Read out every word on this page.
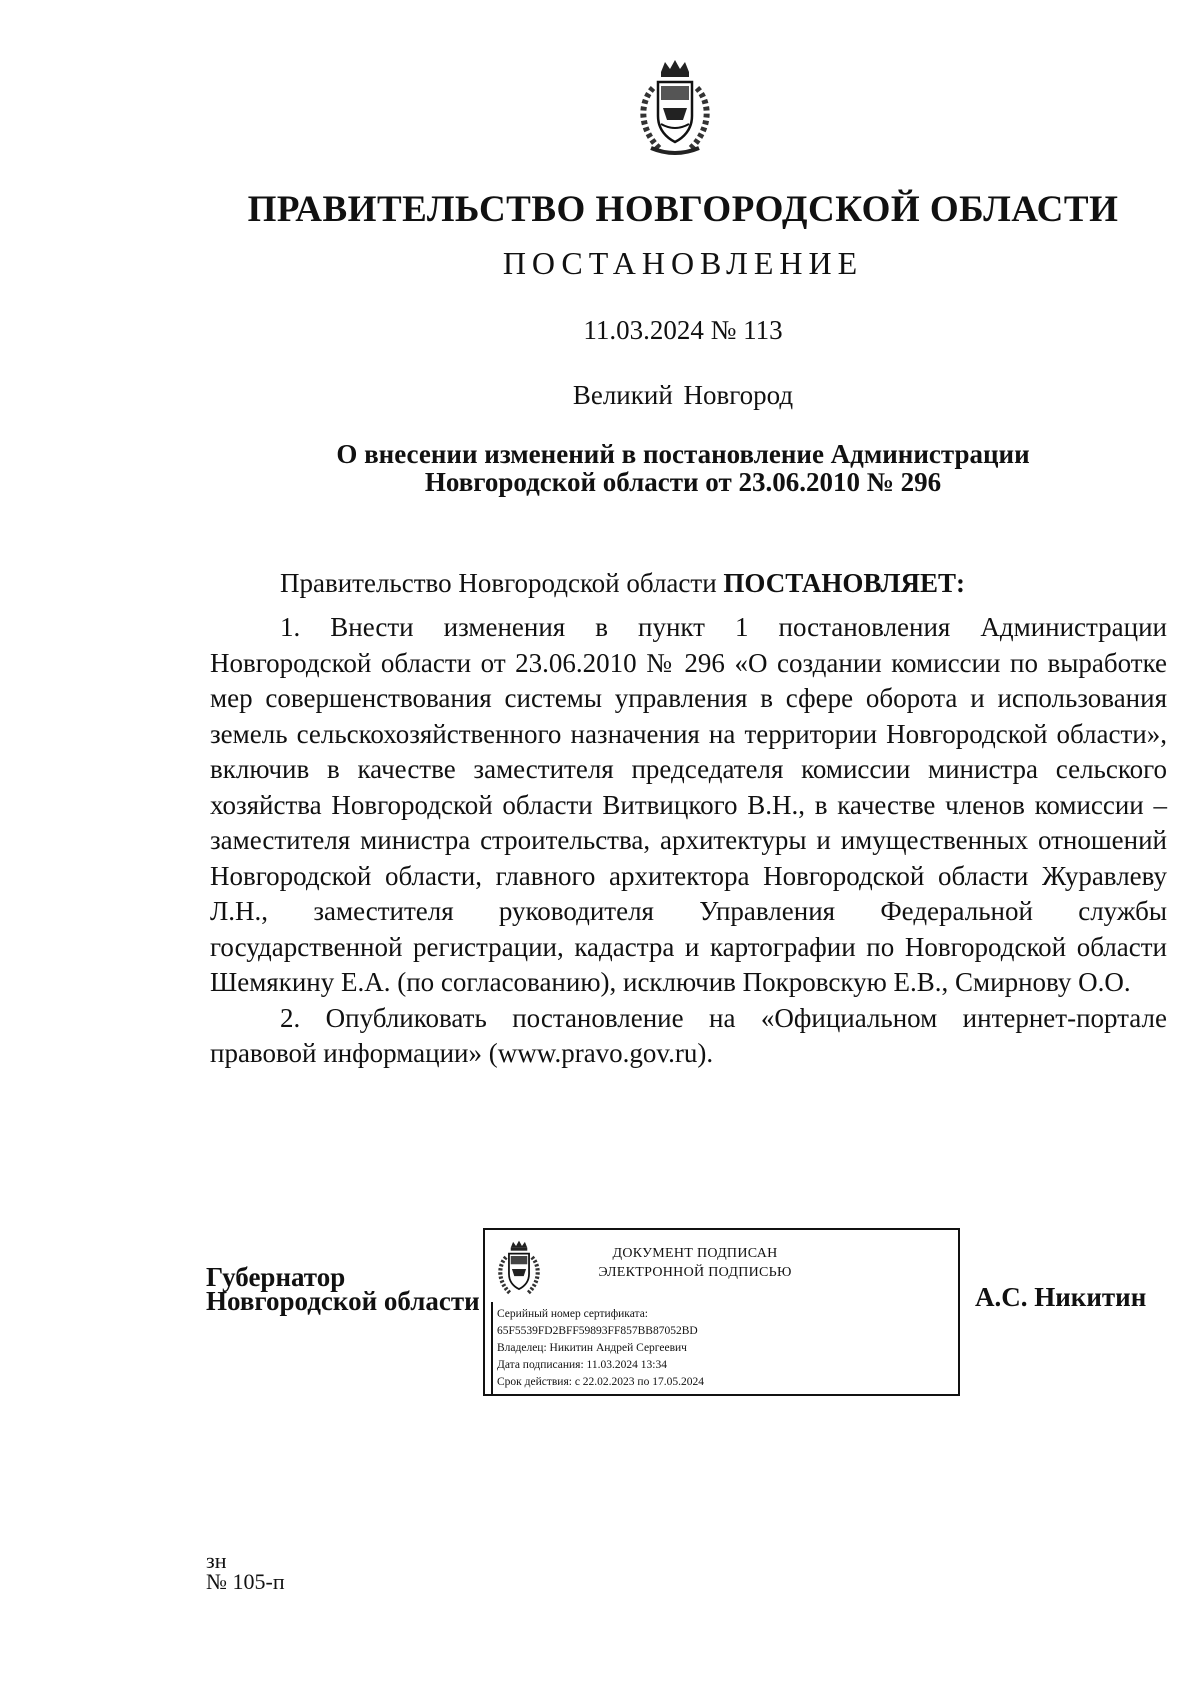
ПРАВИТЕЛЬСТВО НОВГОРОДСКОЙ ОБЛАСТИ
ПОСТАНОВЛЕНИЕ
11.03.2024 № 113
Великий Новгород
О внесении изменений в постановление Администрации
Новгородской области от 23.06.2010 № 296
Правительство Новгородской области ПОСТАНОВЛЯЕТ:

1. Внести изменения в пункт 1 постановления Администрации Новгородской области от 23.06.2010 № 296 «О создании комиссии по выработке мер совершенствования системы управления в сфере оборота и использования земель сельскохозяйственного назначения на территории Новгородской области», включив в качестве заместителя председателя комиссии министра сельского хозяйства Новгородской области Витвицкого В.Н., в качестве членов комиссии – заместителя министра строительства, архитектуры и имущественных отношений Новгородской области, главного архитектора Новгородской области Журавлеву Л.Н., заместителя руководителя Управления Федеральной службы государственной регистрации, кадастра и картографии по Новгородской области Шемякину Е.А. (по согласованию), исключив Покровскую Е.В., Смирнову О.О.

2. Опубликовать постановление на «Официальном интернет-портале правовой информации» (www.pravo.gov.ru).

Губернатор
Новгородской области
ДОКУМЕНТ ПОДПИСАН
ЭЛЕКТРОННОЙ ПОДПИСЬЮ
Серийный номер сертификата:
65F5539FD2BFF59893FF857BB87052BD
Владелец: Никитин Андрей Сергеевич
Дата подписания: 11.03.2024 13:34
Срок действия: с 22.02.2023 по 17.05.2024
А.С. Никитин
зн
№ 105-п
